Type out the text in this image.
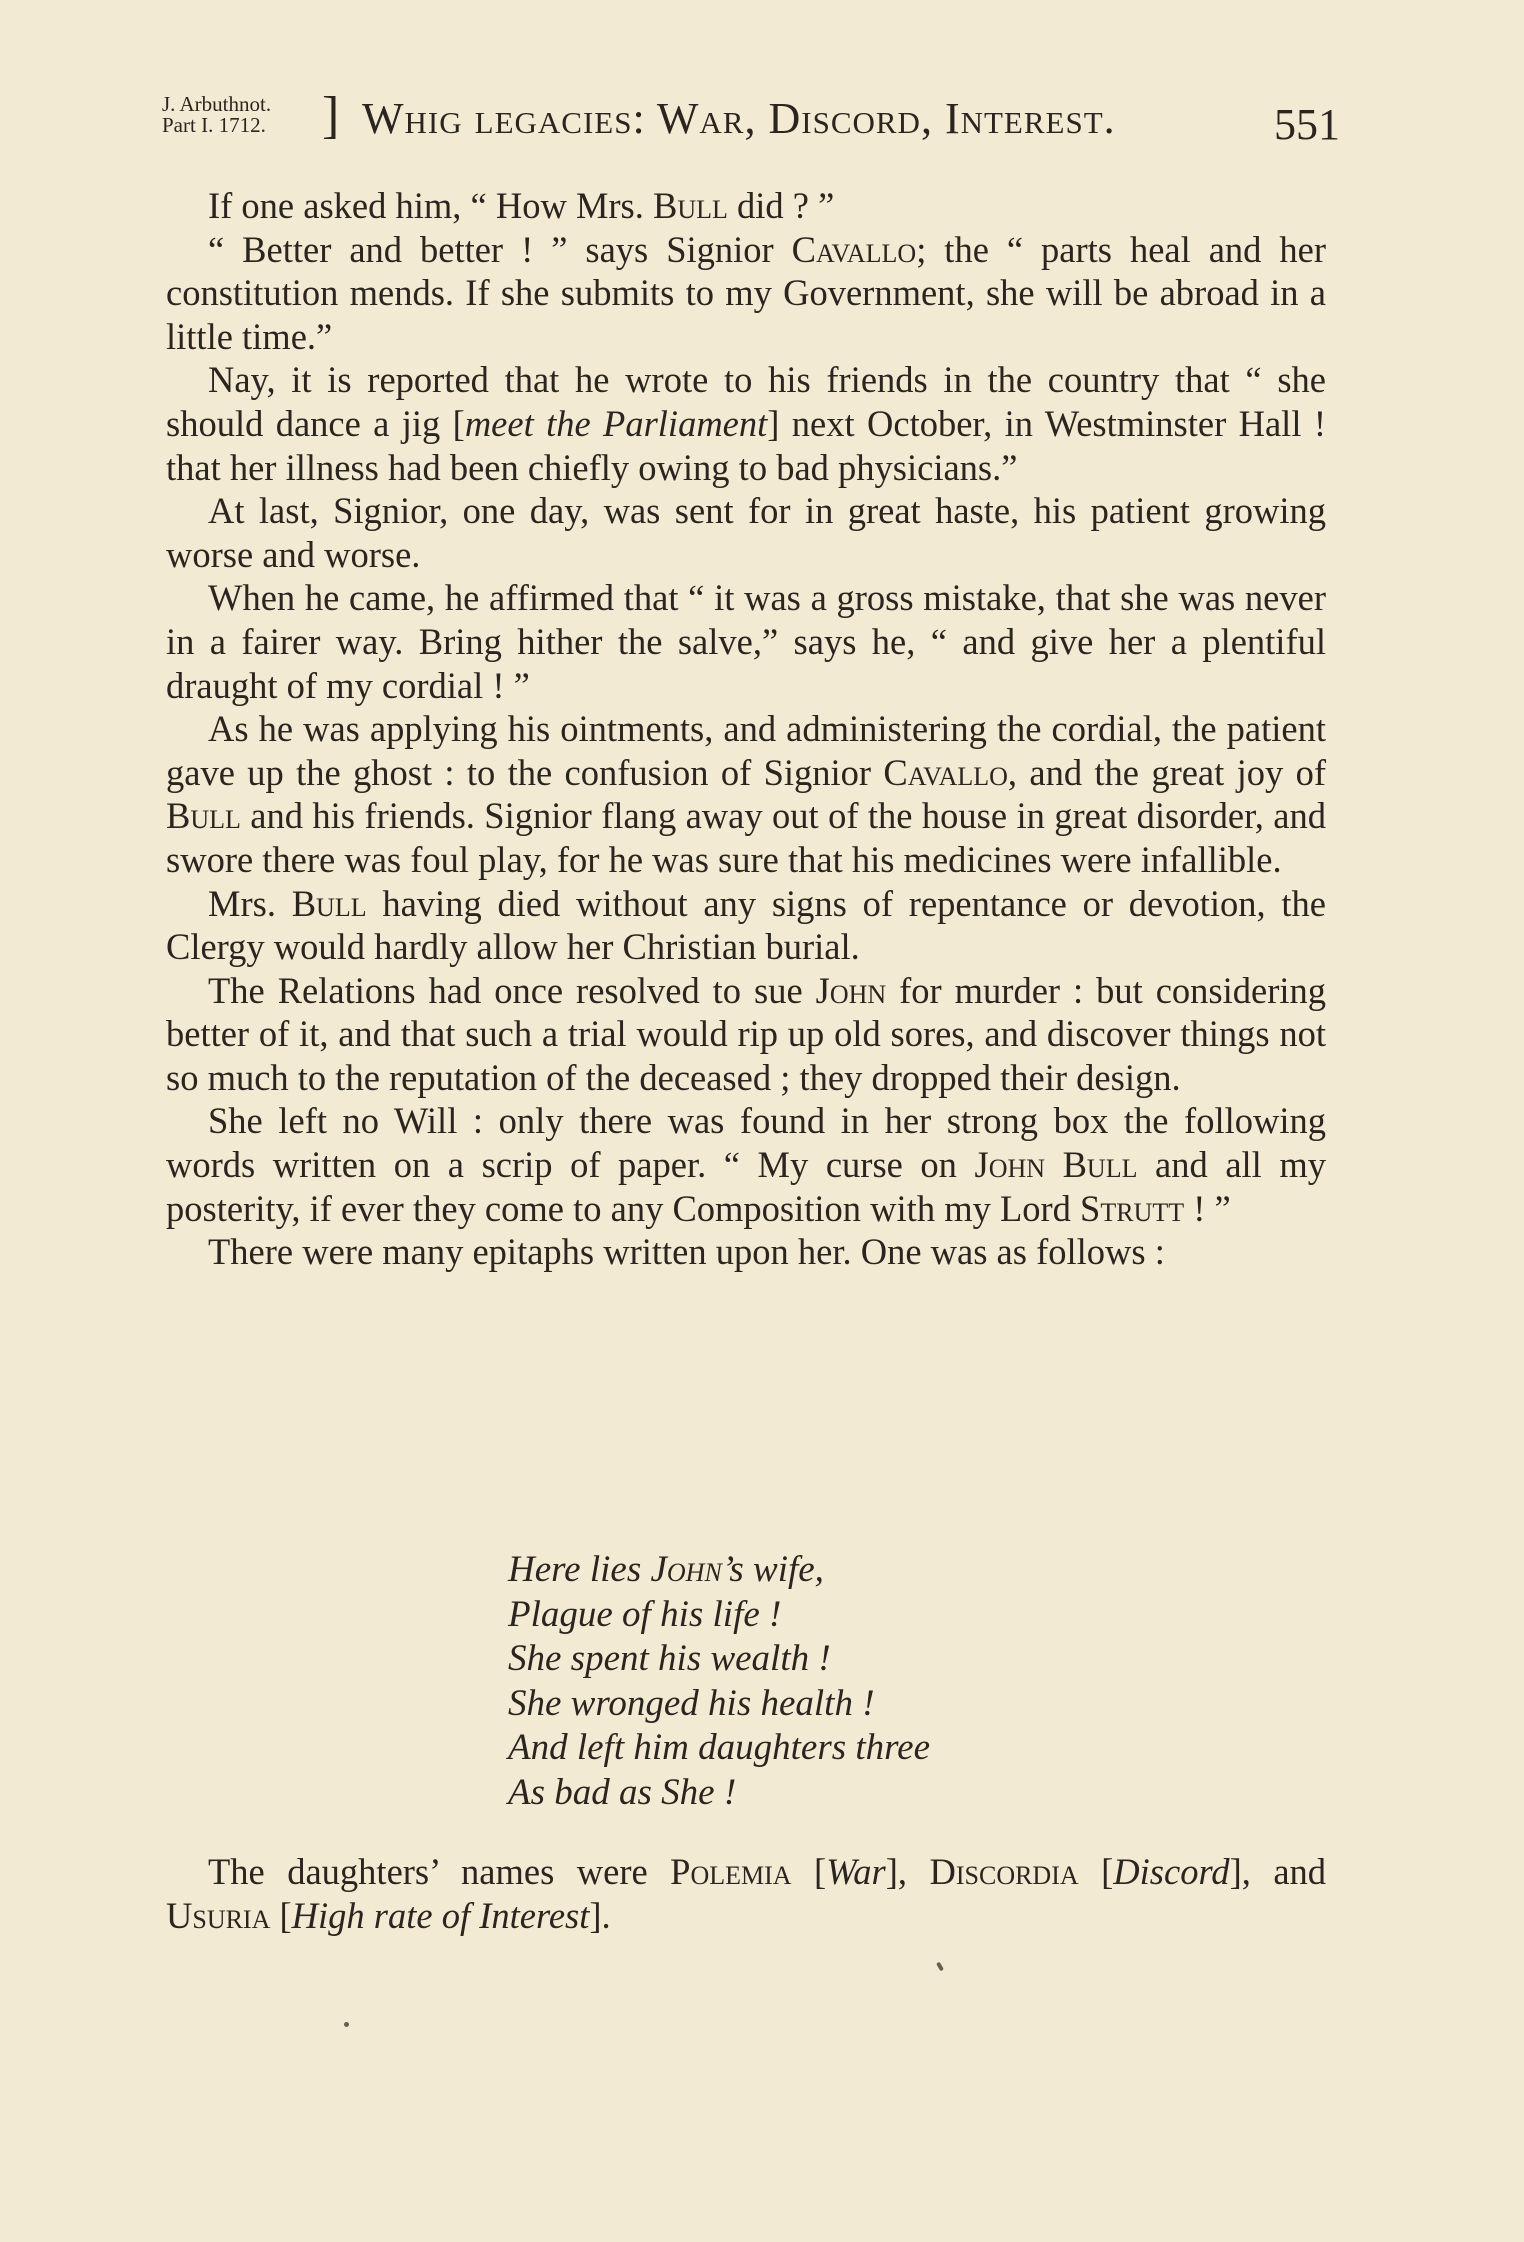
J. Arbuthnot.
Part I. 1712.	] Whig legacies: War, Discord, Interest.	551

If one asked him, “ How Mrs. Bull did ? ”

“ Better and better ! ” says Signior Cavallo; the “ parts heal and her constitution mends. If she submits to my Government, she will be abroad in a little time.”

Nay, it is reported that he wrote to his friends in the country that “ she should dance a jig [meet the Parliament] next October, in Westminster Hall ! that her illness had been chiefly owing to bad physicians.”

At last, Signior, one day, was sent for in great haste, his patient growing worse and worse.

When he came, he affirmed that “ it was a gross mistake, that she was never in a fairer way. Bring hither the salve,” says he, “ and give her a plentiful draught of my cordial ! ”

As he was applying his ointments, and administering the cordial, the patient gave up the ghost : to the confusion of Signior Cavallo, and the great joy of Bull and his friends. Signior flang away out of the house in great disorder, and swore there was foul play, for he was sure that his medicines were infallible.

Mrs. Bull having died without any signs of repentance or devotion, the Clergy would hardly allow her Christian burial.

The Relations had once resolved to sue John for murder : but considering better of it, and that such a trial would rip up old sores, and discover things not so much to the reputation of the deceased ; they dropped their design.

She left no Will : only there was found in her strong box the following words written on a scrip of paper. “ My curse on John Bull and all my posterity, if ever they come to any Composition with my Lord Strutt ! ”

There were many epitaphs written upon her. One was as follows :

Here lies John’s wife,
Plague of his life !
She spent his wealth !
She wronged his health !
And left him daughters three
As bad as She !

The daughters’ names were Polemia [War], Discordia [Discord], and Usuria [High rate of Interest].
